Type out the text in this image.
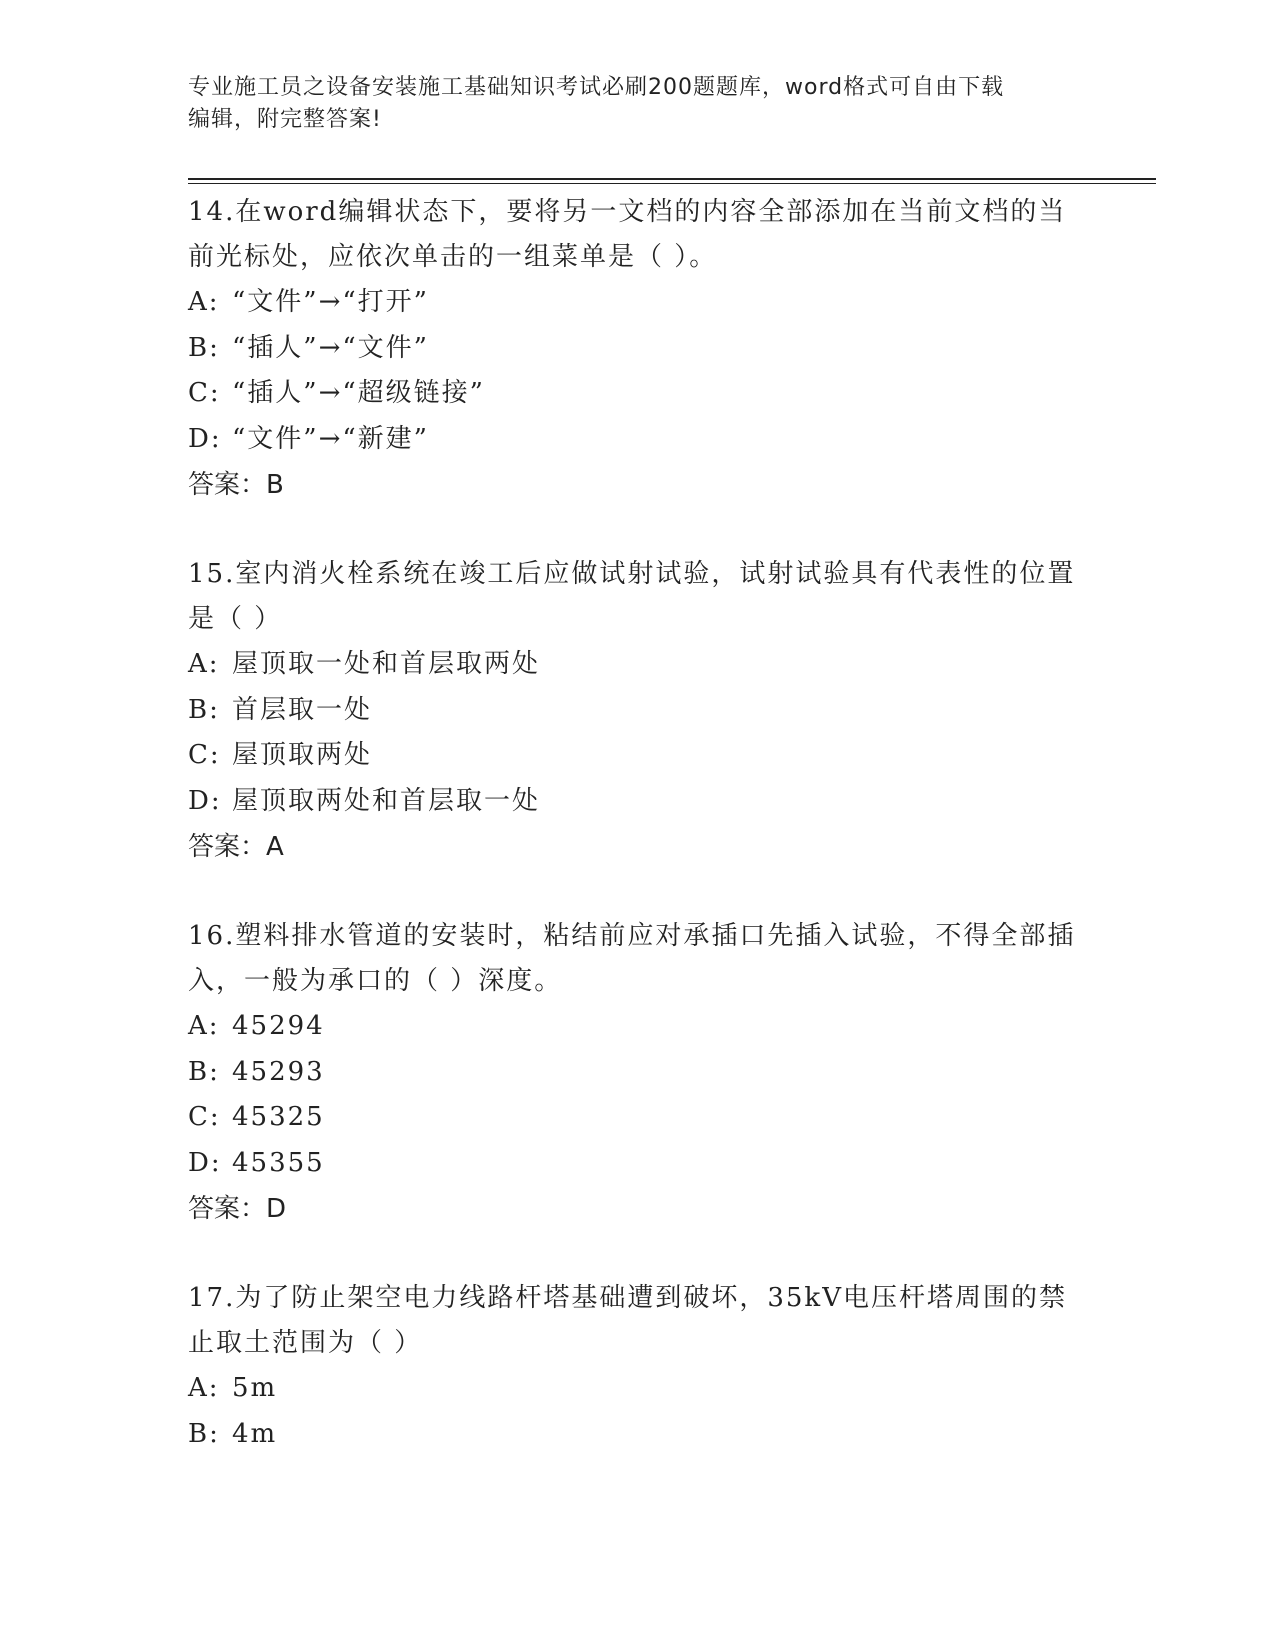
专业施工员之设备安装施工基础知识考试必刷200题题库，word格式可自由下载
编辑，附完整答案!

14.在word编辑状态下，要将另一文档的内容全部添加在当前文档的当前光标处，应依次单击的一组菜单是（ ）。

A: “文件”→“打开”

B: “插人”→“文件”

C: “插人”→“超级链接”

D: “文件”→“新建”

答案：B

15.室内消火栓系统在竣工后应做试射试验，试射试验具有代表性的位置是（ ）

A: 屋顶取一处和首层取两处

B: 首层取一处

C: 屋顶取两处

D: 屋顶取两处和首层取一处

答案：A

16.塑料排水管道的安装时，粘结前应对承插口先插入试验，不得全部插入，一般为承口的（ ）深度。

A: 45294

B: 45293

C: 45325

D: 45355

答案：D

17.为了防止架空电力线路杆塔基础遭到破坏，35kV电压杆塔周围的禁止取土范围为（ ）

A: 5m

B: 4m
